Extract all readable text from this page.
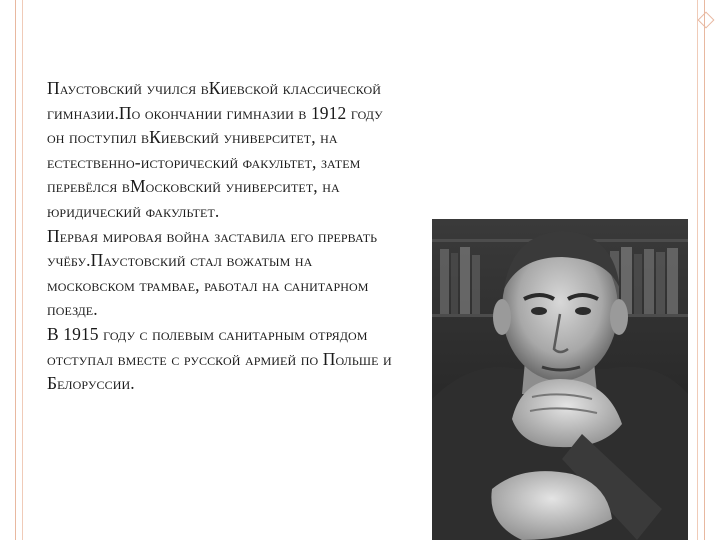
Паустовский учился вКиевской классической гимназии.По окончании гимназии в 1912 году он поступил вКиевский университет, на естественно-исторический факультет, затем перевёлся вМосковский университет, на юридический факультет.

Первая мировая война заставила его прервать учёбу.Паустовский стал вожатым на московском трамвае, работал на санитарном поезде.

В 1915 году с полевым санитарным отрядом отступал вместе с русской армией по Польше и Белоруссии.
